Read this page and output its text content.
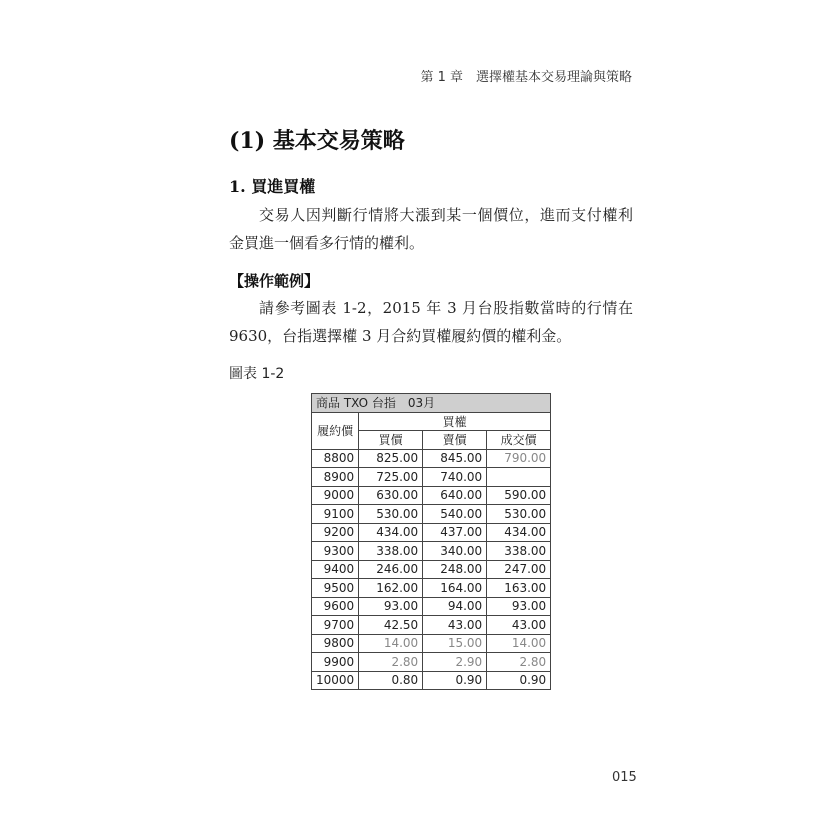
第 1 章　選擇權基本交易理論與策略
(1) 基本交易策略
1. 買進買權

交易人因判斷行情將大漲到某一個價位，進而支付權利金買進一個看多行情的權利。

【操作範例】

請參考圖表 1-2，2015 年 3 月台股指數當時的行情在 9630，台指選擇權 3 月合約買權履約價的權利金。

圖表 1-2
商品 TXO 台指　03月			
履約價	買權		
	買價	賣價	成交價
8800	825.00	845.00	790.00
8900	725.00	740.00	
9000	630.00	640.00	590.00
9100	530.00	540.00	530.00
9200	434.00	437.00	434.00
9300	338.00	340.00	338.00
9400	246.00	248.00	247.00
9500	162.00	164.00	163.00
9600	93.00	94.00	93.00
9700	42.50	43.00	43.00
9800	14.00	15.00	14.00
9900	2.80	2.90	2.80
10000	0.80	0.90	0.90
015
